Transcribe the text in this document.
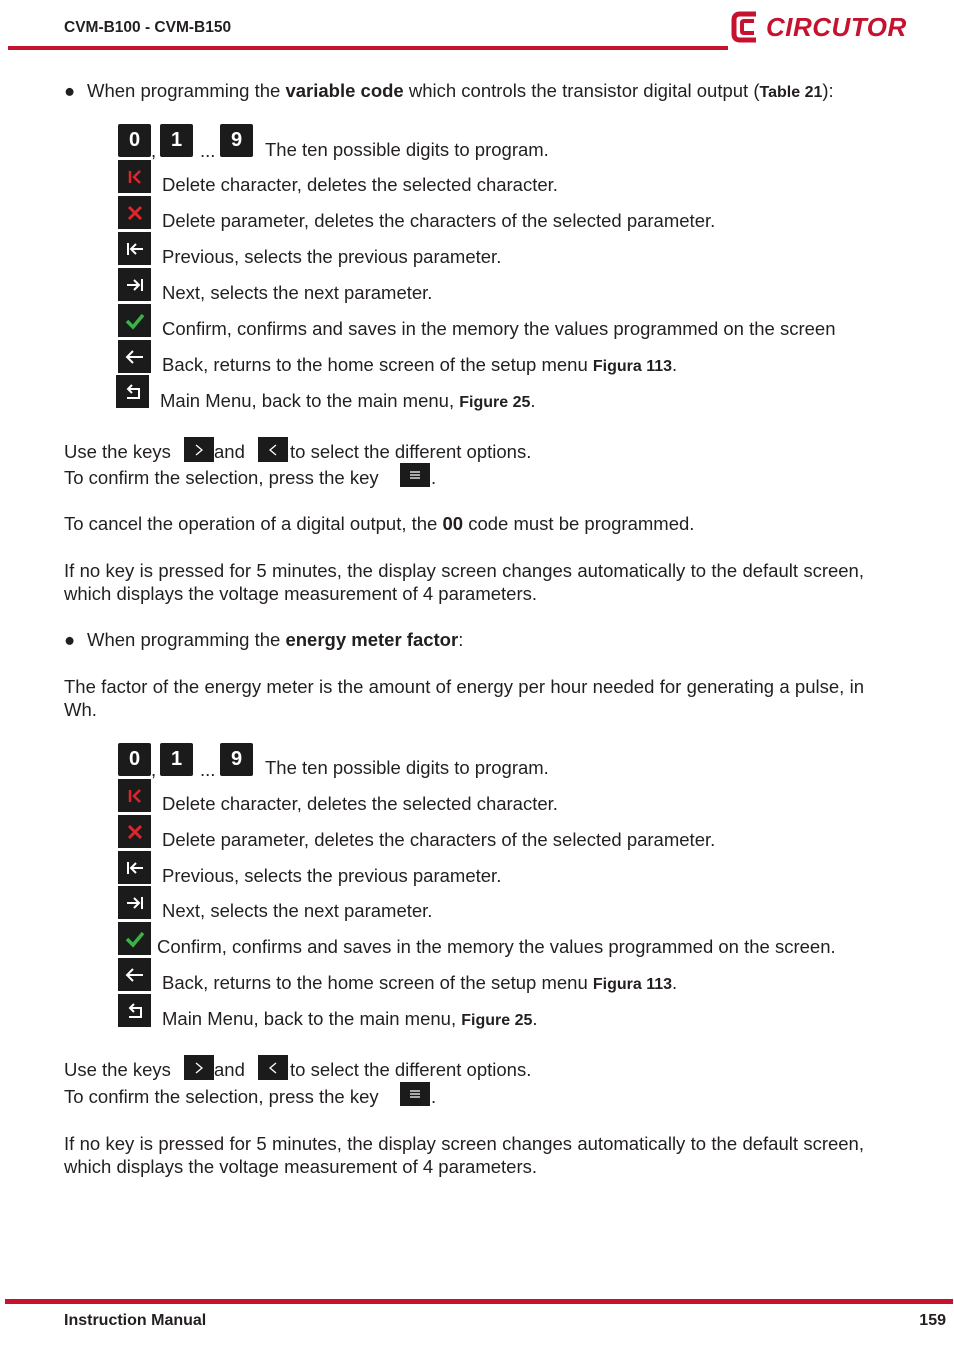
CVM-B100 - CVM-B150	CIRCUTOR
● When programming the variable code which controls the transistor digital output (Table 21):
0 , 1 ... 9	The ten possible digits to program.
Delete character, deletes the selected character.
Delete parameter, deletes the characters of the selected parameter.
Previous, selects the previous parameter.
Next, selects the next parameter.
Confirm, confirms and saves in the memory the values programmed on the screen
Back, returns to the home screen of the setup menu Figura 113.
Main Menu, back to the main menu, Figure 25.
Use the keys and to select the different options.
To confirm the selection, press the key	.
To cancel the operation of a digital output, the 00 code must be programmed.
If no key is pressed for 5 minutes, the display screen changes automatically to the default screen, which displays the voltage measurement of 4 parameters.
● When programming the energy meter factor:
The factor of the energy meter is the amount of energy per hour needed for generating a pulse, in Wh.
0 , 1 ... 9	The ten possible digits to program.
Delete character, deletes the selected character.
Delete parameter, deletes the characters of the selected parameter.
Previous, selects the previous parameter.
Next, selects the next parameter.
Confirm, confirms and saves in the memory the values programmed on the screen.
Back, returns to the home screen of the setup menu Figura 113.
Main Menu, back to the main menu, Figure 25.
Use the keys and to select the different options.
To confirm the selection, press the key	.
If no key is pressed for 5 minutes, the display screen changes automatically to the default screen, which displays the voltage measurement of 4 parameters.
Instruction Manual	159
